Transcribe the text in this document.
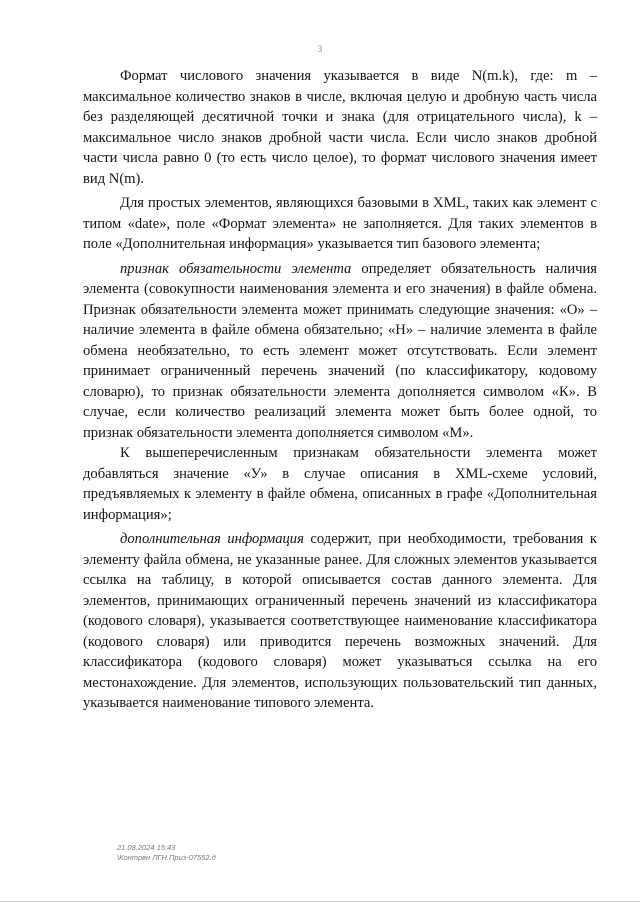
3

Формат числового значения указывается в виде N(m.k), где: m – максимальное количество знаков в числе, включая целую и дробную часть числа без разделяющей десятичной точки и знака (для отрицательного числа), k – максимальное число знаков дробной части числа. Если число знаков дробной части числа равно 0 (то есть число целое), то формат числового значения имеет вид N(m).

Для простых элементов, являющихся базовыми в XML, таких как элемент с типом «date», поле «Формат элемента» не заполняется. Для таких элементов в поле «Дополнительная информация» указывается тип базового элемента;

признак обязательности элемента определяет обязательность наличия элемента (совокупности наименования элемента и его значения) в файле обмена. Признак обязательности элемента может принимать следующие значения: «О» – наличие элемента в файле обмена обязательно; «Н» – наличие элемента в файле обмена необязательно, то есть элемент может отсутствовать. Если элемент принимает ограниченный перечень значений (по классификатору, кодовому словарю), то признак обязательности элемента дополняется символом «К». В случае, если количество реализаций элемента может быть более одной, то признак обязательности элемента дополняется символом «М».

К вышеперечисленным признакам обязательности элемента может добавляться значение «У» в случае описания в XML-схеме условий, предъявляемых к элементу в файле обмена, описанных в графе «Дополнительная информация»;

дополнительная информация содержит, при необходимости, требования к элементу файла обмена, не указанные ранее. Для сложных элементов указывается ссылка на таблицу, в которой описывается состав данного элемента. Для элементов, принимающих ограниченный перечень значений из классификатора (кодового словаря), указывается соответствующее наименование классификатора (кодового словаря) или приводится перечень возможных значений. Для классификатора (кодового словаря) может указываться ссылка на его местонахождение. Для элементов, использующих пользовательский тип данных, указывается наименование типового элемента.

21.08.2024 15:43
\Контрвн ЛГН.Приз-07552.д
